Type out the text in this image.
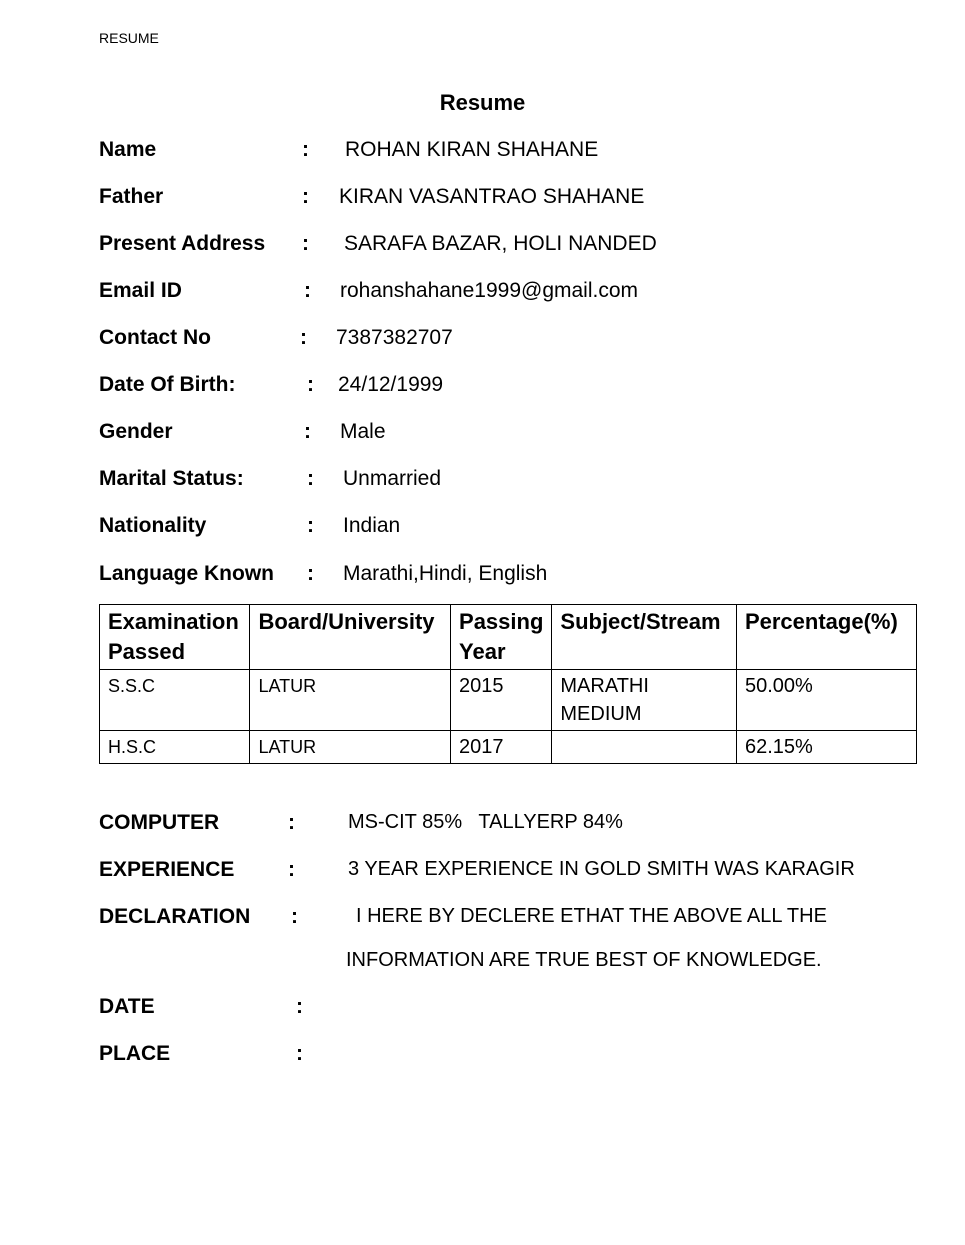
RESUME
Resume
Name	: ROHAN KIRAN SHAHANE
Father	: KIRAN VASANTRAO SHAHANE
Present Address : SARAFA BAZAR, HOLI NANDED
Email ID	: rohanshahane1999@gmail.com
Contact No	: 7387382707
Date Of Birth:	: 24/12/1999
Gender	: Male
Marital Status:	: Unmarried
Nationality	: Indian
Language Known : Marathi,Hindi, English
Examination Passed	Board/University	Passing Year	Subject/Stream	Percentage(%)
S.S.C	LATUR	2015	MARATHI MEDIUM	50.00%
H.S.C	LATUR	2017		62.15%
COMPUTER	:	MS-CIT 85%   TALLYERP 84%
EXPERIENCE	:	3 YEAR EXPERIENCE IN GOLD SMITH WAS KARAGIR
DECLARATION :	I HERE BY DECLERE ETHAT THE ABOVE ALL THE
INFORMATION ARE TRUE BEST OF KNOWLEDGE.
DATE	:
PLACE	:
